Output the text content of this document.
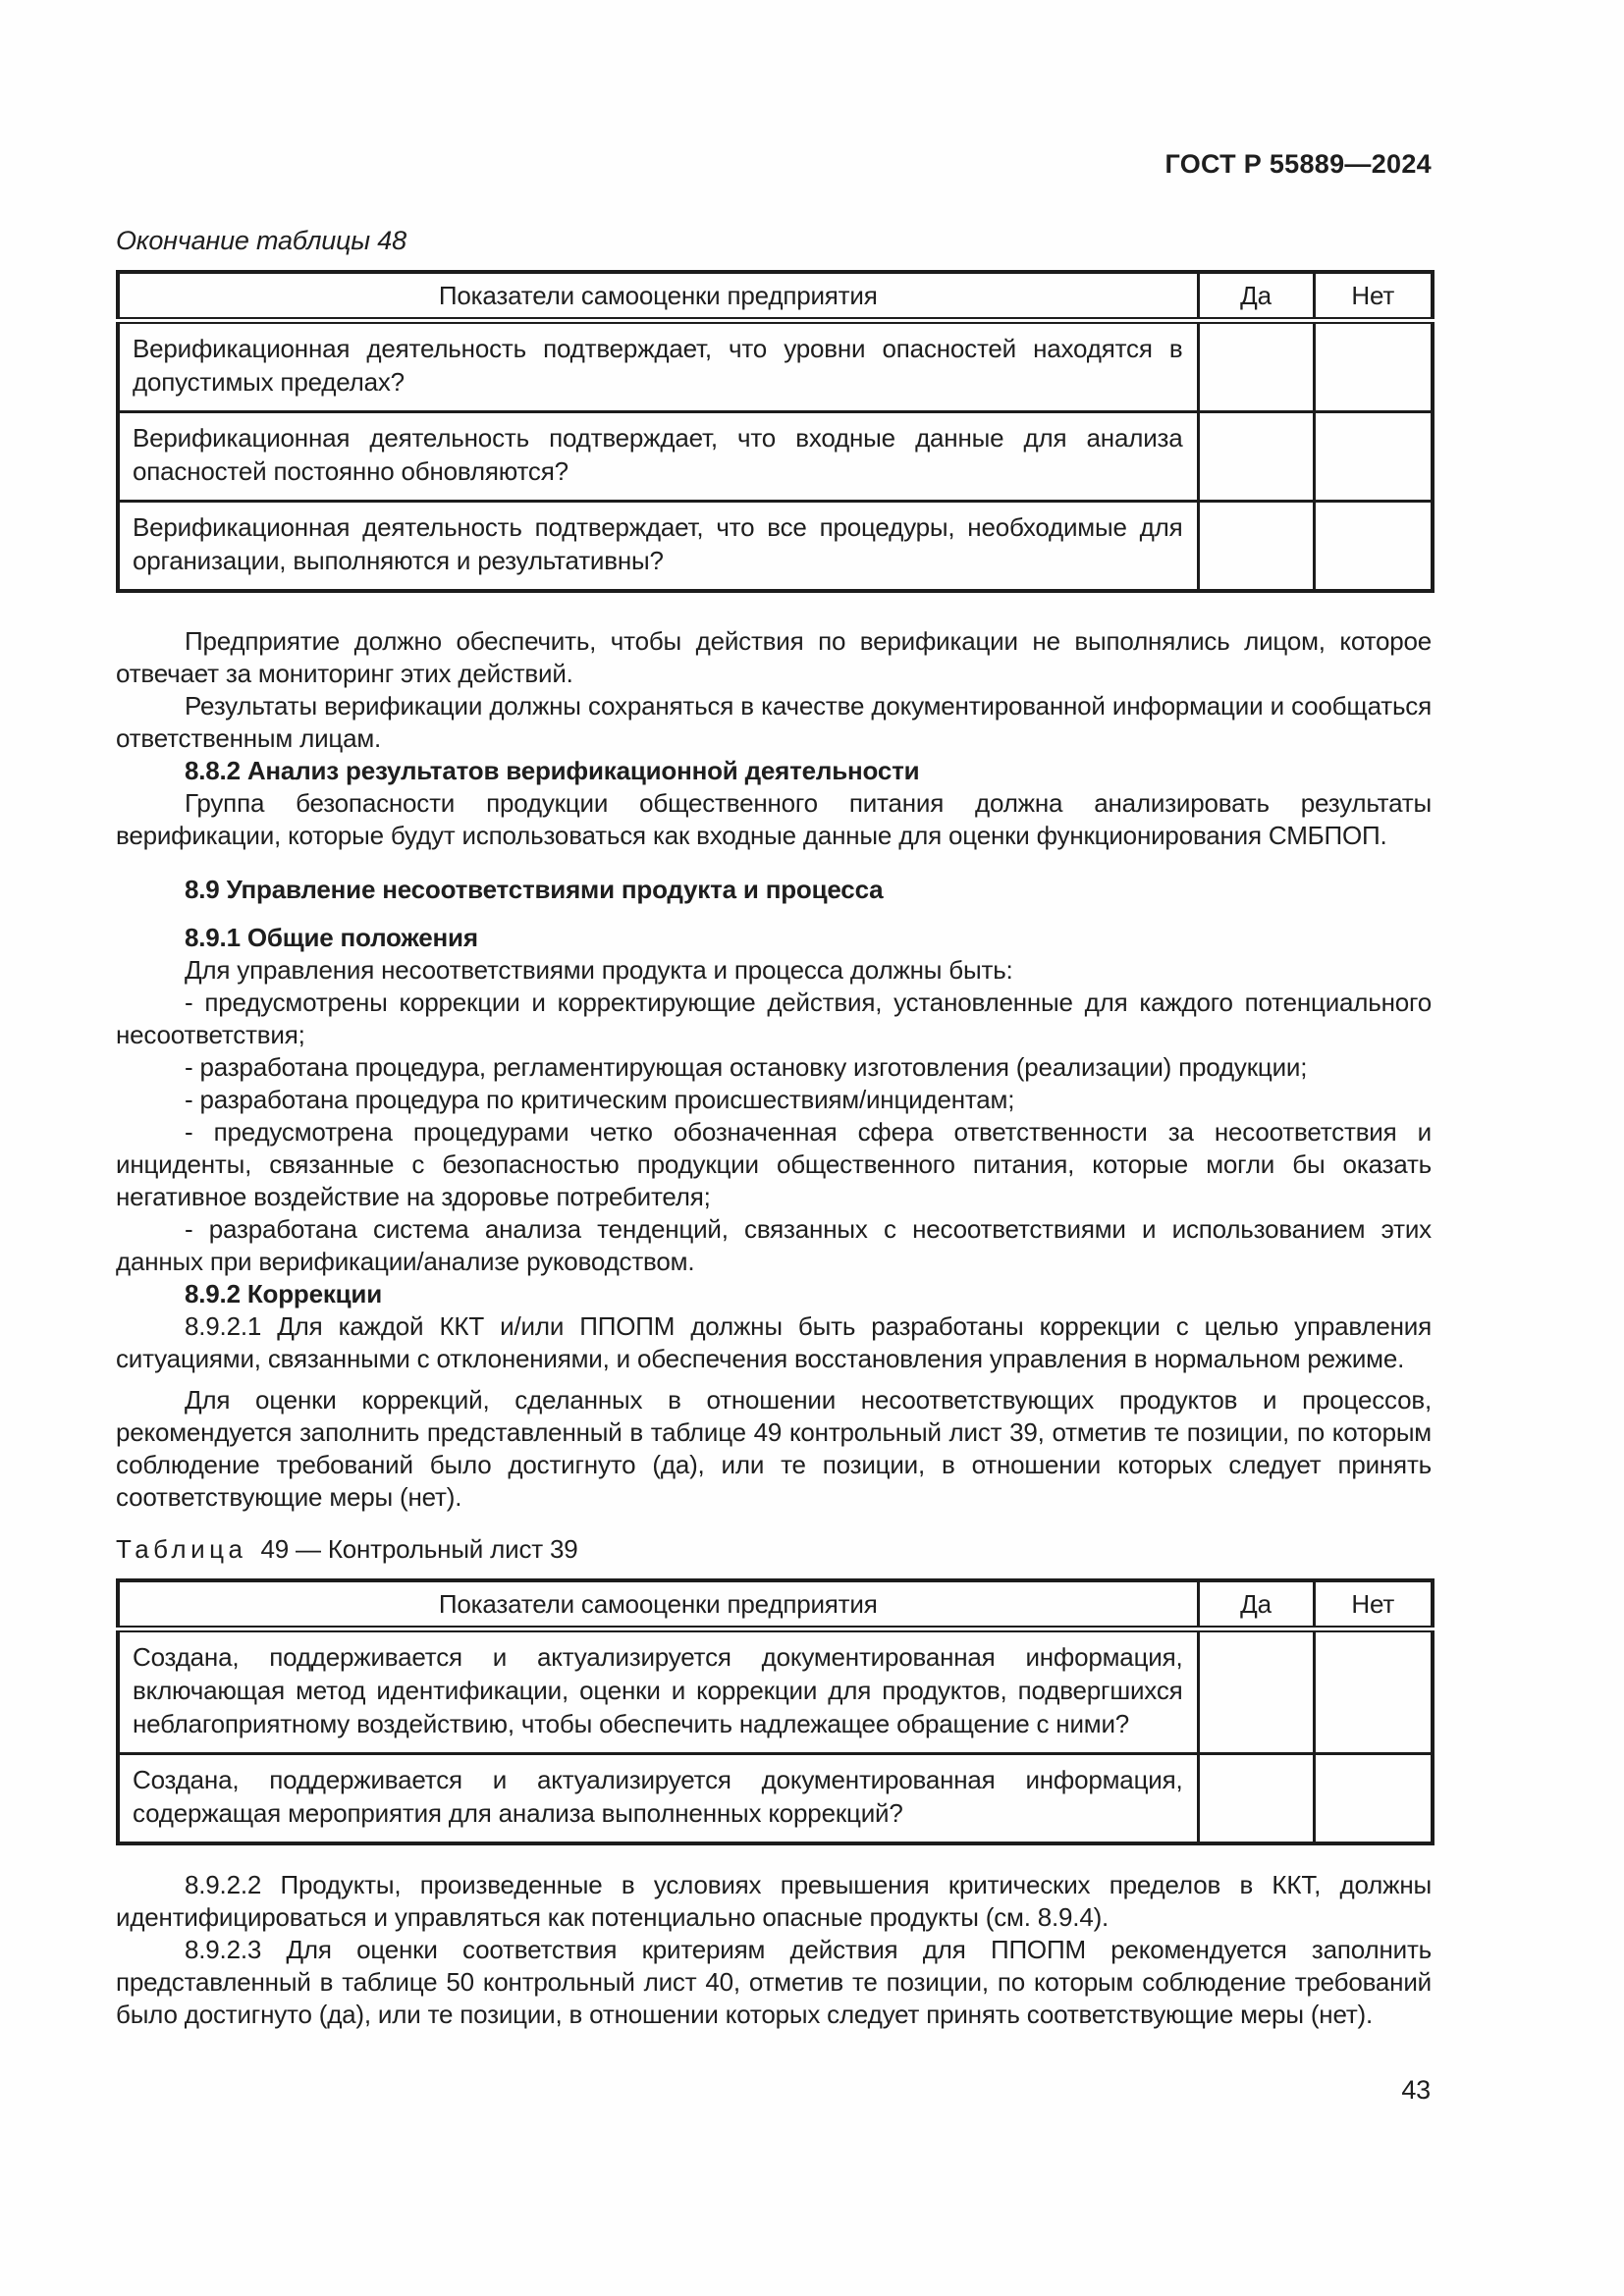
ГОСТ Р 55889—2024
Окончание таблицы 48
Показатели самооценки предприятия	Да	Нет
Верификационная деятельность подтверждает, что уровни опасностей находятся в допустимых пределах?		
Верификационная деятельность подтверждает, что входные данные для анализа опасностей постоянно обновляются?		
Верификационная деятельность подтверждает, что все процедуры, необходимые для организации, выполняются и результативны?		

Предприятие должно обеспечить, чтобы действия по верификации не выполнялись лицом, которое отвечает за мониторинг этих действий.

Результаты верификации должны сохраняться в качестве документированной информации и сообщаться ответственным лицам.

8.8.2 Анализ результатов верификационной деятельности

Группа безопасности продукции общественного питания должна анализировать результаты верификации, которые будут использоваться как входные данные для оценки функционирования СМБПОП.

8.9 Управление несоответствиями продукта и процесса

8.9.1 Общие положения

Для управления несоответствиями продукта и процесса должны быть:

- предусмотрены коррекции и корректирующие действия, установленные для каждого потенциального несоответствия;

- разработана процедура, регламентирующая остановку изготовления (реализации) продукции;

- разработана процедура по критическим происшествиям/инцидентам;

- предусмотрена процедурами четко обозначенная сфера ответственности за несоответствия и инциденты, связанные с безопасностью продукции общественного питания, которые могли бы оказать негативное воздействие на здоровье потребителя;

- разработана система анализа тенденций, связанных с несоответствиями и использованием этих данных при верификации/анализе руководством.

8.9.2 Коррекции

8.9.2.1 Для каждой ККТ и/или ППОПМ должны быть разработаны коррекции с целью управления ситуациями, связанными с отклонениями, и обеспечения восстановления управления в нормальном режиме.

Для оценки коррекций, сделанных в отношении несоответствующих продуктов и процессов, рекомендуется заполнить представленный в таблице 49 контрольный лист 39, отметив те позиции, по которым соблюдение требований было достигнуто (да), или те позиции, в отношении которых следует принять соответствующие меры (нет).

Таблица 49 — Контрольный лист 39

Показатели самооценки предприятия	Да	Нет
Создана, поддерживается и актуализируется документированная информация, включающая метод идентификации, оценки и коррекции для продуктов, подвергшихся неблагоприятному воздействию, чтобы обеспечить надлежащее обращение с ними?		
Создана, поддерживается и актуализируется документированная информация, содержащая мероприятия для анализа выполненных коррекций?		

8.9.2.2 Продукты, произведенные в условиях превышения критических пределов в ККТ, должны идентифицироваться и управляться как потенциально опасные продукты (см. 8.9.4).

8.9.2.3 Для оценки соответствия критериям действия для ППОПМ рекомендуется заполнить представленный в таблице 50 контрольный лист 40, отметив те позиции, по которым соблюдение требований было достигнуто (да), или те позиции, в отношении которых следует принять соответствующие меры (нет).

43
